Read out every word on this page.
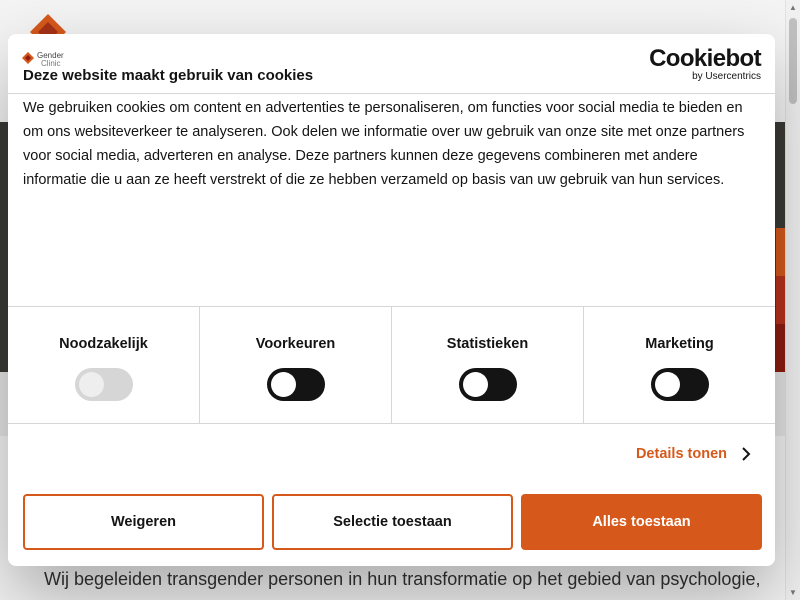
Wij begeleiden transgender personen in hun transformatie op het gebied van psychologie,
▲
▼
Gender
Clinic	Cookiebot
by Usercentrics
Deze website maakt gebruik van cookies
We gebruiken cookies om content en advertenties te personaliseren, om functies voor social media te bieden en om ons websiteverkeer te analyseren. Ook delen we informatie over uw gebruik van onze site met onze partners voor social media, adverteren en analyse. Deze partners kunnen deze gegevens combineren met andere informatie die u aan ze heeft verstrekt of die ze hebben verzameld op basis van uw gebruik van hun services.
Noodzakelijk	Voorkeuren	Statistieken	Marketing
Details tonen
Weigeren	Selectie toestaan	Alles toestaan
